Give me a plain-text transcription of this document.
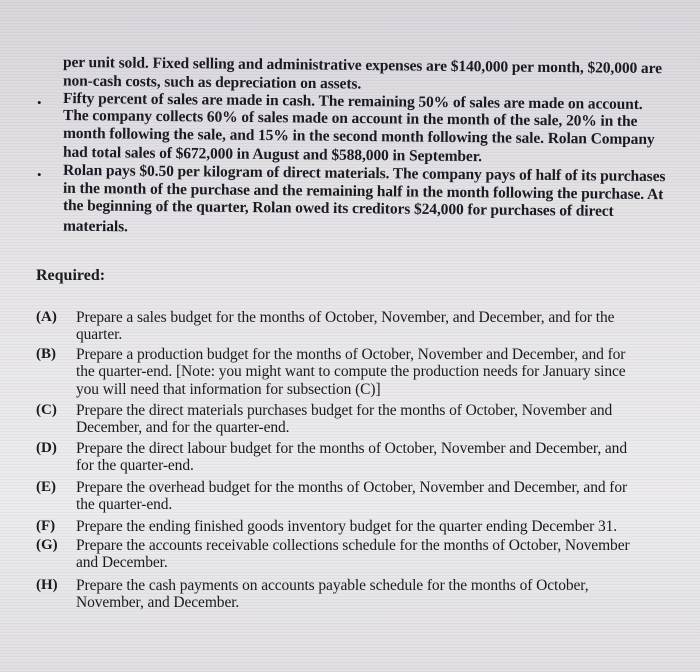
per unit sold. Fixed selling and administrative expenses are $140,000 per month, $20,000 are
non-cash costs, such as depreciation on assets.
• Fifty percent of sales are made in cash. The remaining 50% of sales are made on account.
The company collects 60% of sales made on account in the month of the sale, 20% in the
month following the sale, and 15% in the second month following the sale. Rolan Company
had total sales of $672,000 in August and $588,000 in September.
• Rolan pays $0.50 per kilogram of direct materials. The company pays of half of its purchases
in the month of the purchase and the remaining half in the month following the purchase. At
the beginning of the quarter, Rolan owed its creditors $24,000 for purchases of direct
materials.
Required:
(A) Prepare a sales budget for the months of October, November, and December, and for the
quarter.
(B) Prepare a production budget for the months of October, November and December, and for
the quarter-end. [Note: you might want to compute the production needs for January since
you will need that information for subsection (C)]
(C) Prepare the direct materials purchases budget for the months of October, November and
December, and for the quarter-end.
(D) Prepare the direct labour budget for the months of October, November and December, and
for the quarter-end.
(E) Prepare the overhead budget for the months of October, November and December, and for
the quarter-end.
(F) Prepare the ending finished goods inventory budget for the quarter ending December 31.
(G) Prepare the accounts receivable collections schedule for the months of October, November
and December.
(H) Prepare the cash payments on accounts payable schedule for the months of October,
November, and December.
